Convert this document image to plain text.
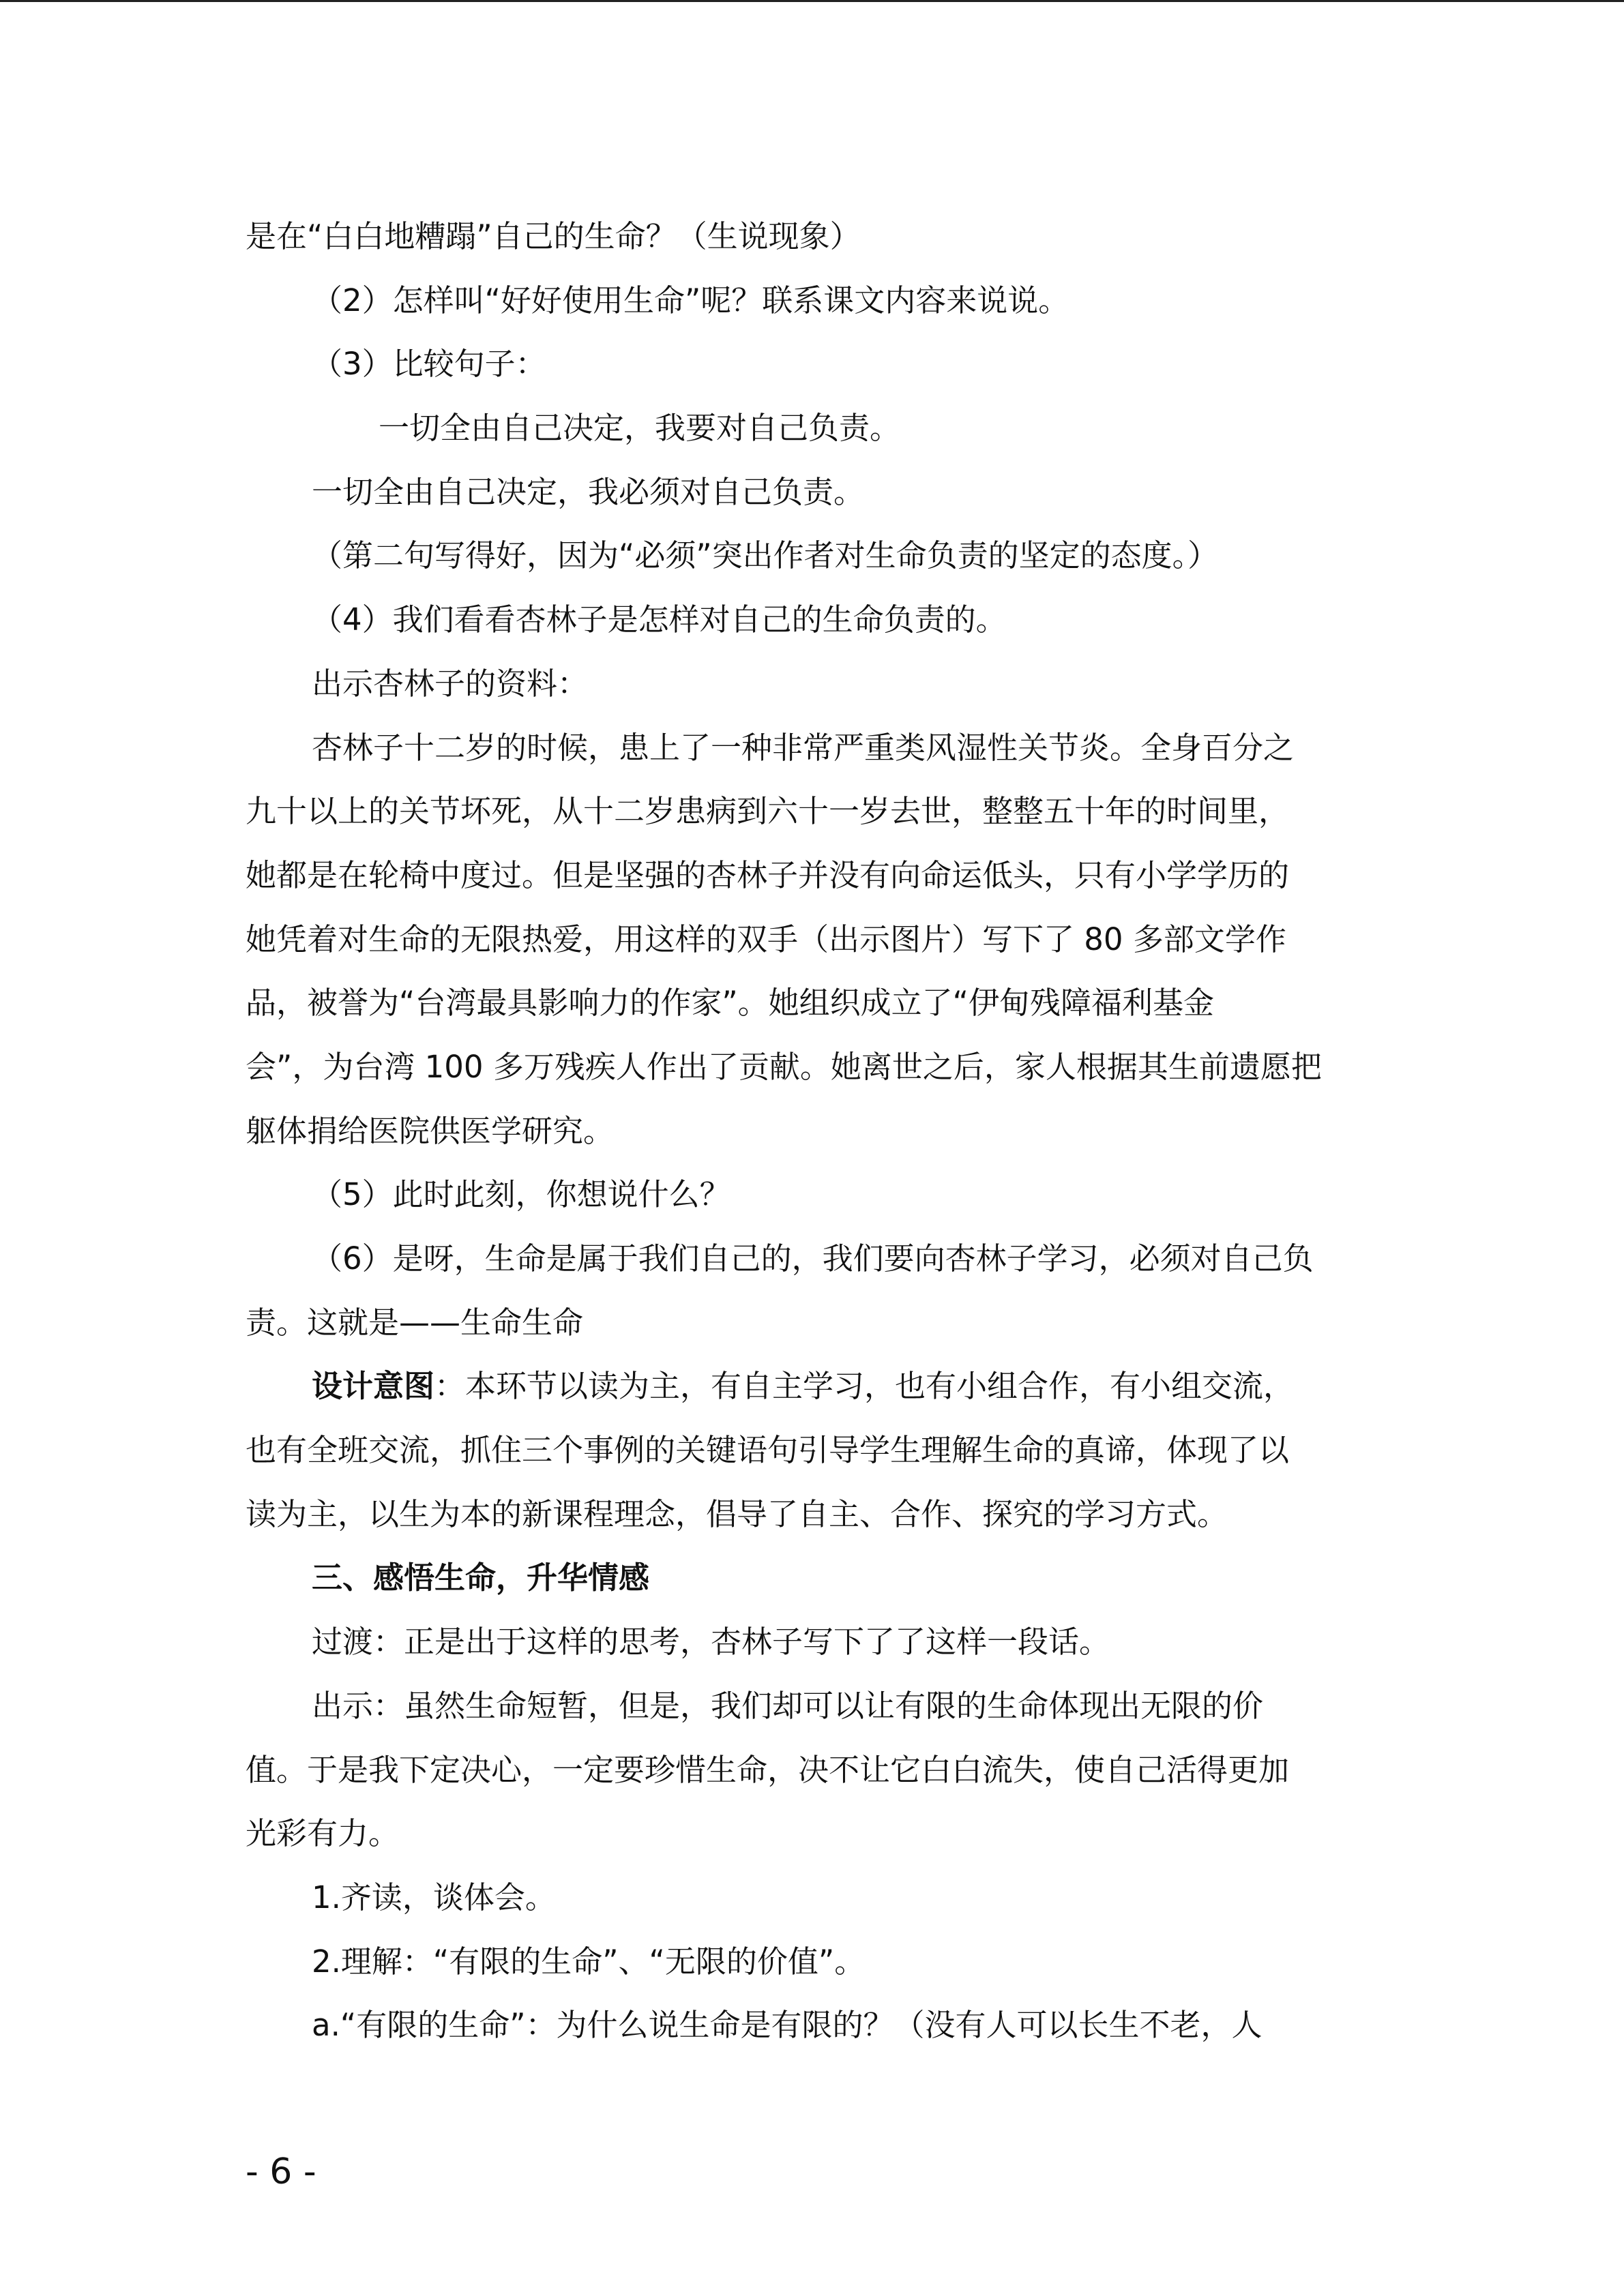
是在“白白地糟蹋”自己的生命？（生说现象）
（2）怎样叫“好好使用生命”呢？联系课文内容来说说。
（3）比较句子：
一切全由自己决定，我要对自己负责。
一切全由自己决定，我必须对自己负责。
（第二句写得好，因为“必须”突出作者对生命负责的坚定的态度。）
（4）我们看看杏林子是怎样对自己的生命负责的。
出示杏林子的资料：
杏林子十二岁的时候，患上了一种非常严重类风湿性关节炎。全身百分之
九十以上的关节坏死，从十二岁患病到六十一岁去世，整整五十年的时间里，
她都是在轮椅中度过。但是坚强的杏林子并没有向命运低头，只有小学学历的
她凭着对生命的无限热爱，用这样的双手（出示图片）写下了 80 多部文学作
品，被誉为“台湾最具影响力的作家”。她组织成立了“伊甸残障福利基金
会”，为台湾 100 多万残疾人作出了贡献。她离世之后，家人根据其生前遗愿把
躯体捐给医院供医学研究。
（5）此时此刻，你想说什么？
（6）是呀，生命是属于我们自己的，我们要向杏林子学习，必须对自己负
责。这就是——生命生命
设计意图：本环节以读为主，有自主学习，也有小组合作，有小组交流，
也有全班交流，抓住三个事例的关键语句引导学生理解生命的真谛，体现了以
读为主，以生为本的新课程理念，倡导了自主、合作、探究的学习方式。
三、感悟生命，升华情感
过渡：正是出于这样的思考，杏林子写下了了这样一段话。
出示：虽然生命短暂，但是，我们却可以让有限的生命体现出无限的价
值。于是我下定决心，一定要珍惜生命，决不让它白白流失，使自己活得更加
光彩有力。
1.齐读，谈体会。
2.理解：“有限的生命”、“无限的价值”。
a.“有限的生命”：为什么说生命是有限的？（没有人可以长生不老，人
- 6 -
